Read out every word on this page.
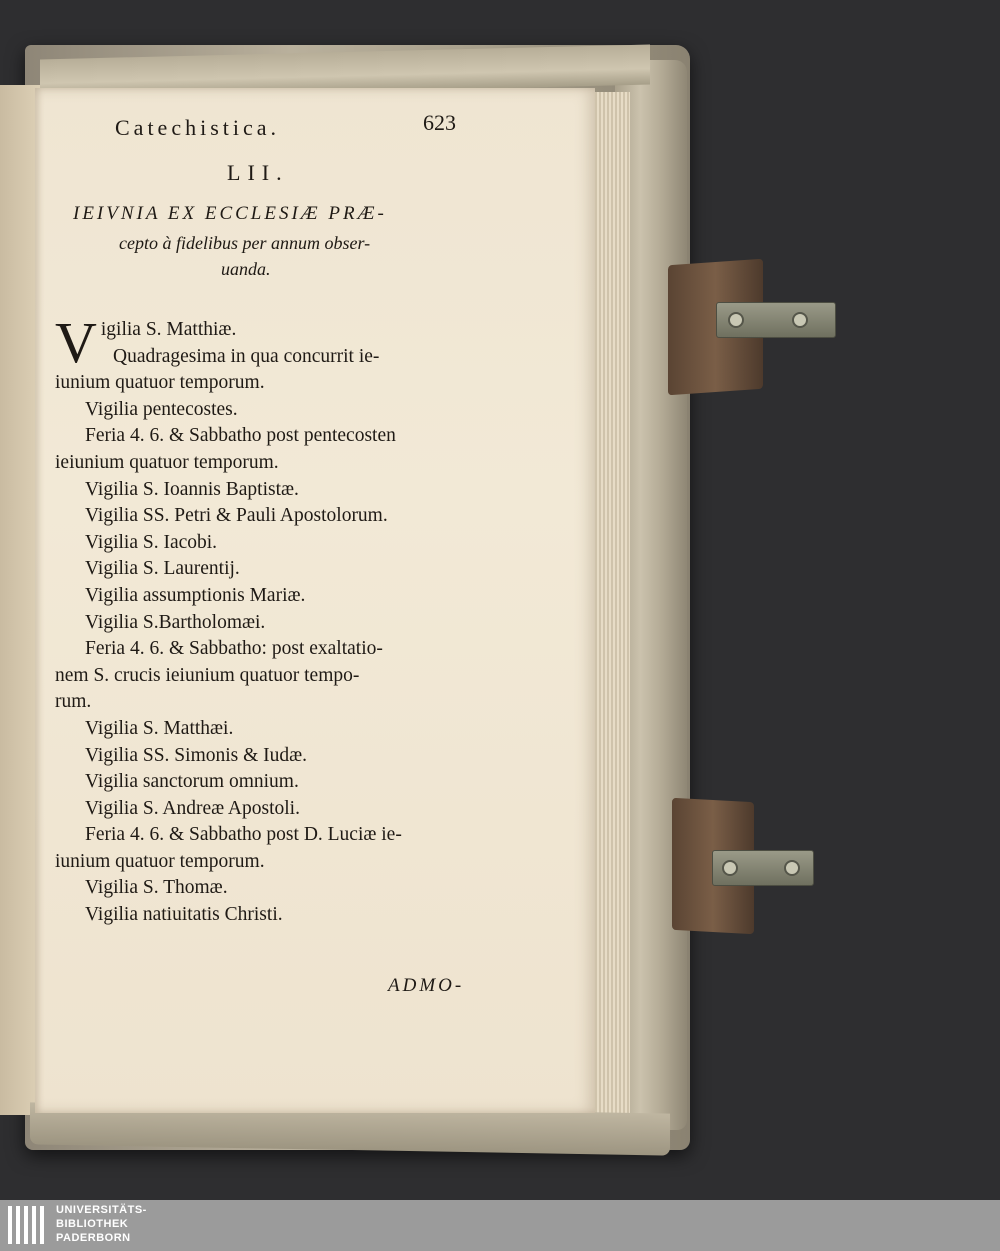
Catechistica.	623
LII.
IEIVNIA EX ECCLESIÆ PRÆ-
cepto à fidelibus per annum obser-
uanda.
Vigilia S. Matthiæ.
Quadragesima in qua concurrit ie-
iunium quatuor temporum.
Vigilia pentecostes.
Feria 4. 6. & Sabbatho post pentecosten
ieiunium quatuor temporum.
Vigilia S. Ioannis Baptistæ.
Vigilia SS. Petri & Pauli Apostolorum.
Vigilia S. Iacobi.
Vigilia S. Laurentij.
Vigilia assumptionis Mariæ.
Vigilia S.Bartholomæi.
Feria 4. 6. & Sabbatho: post exaltatio-
nem S. crucis ieiunium quatuor tempo-
rum.
Vigilia S. Matthæi.
Vigilia SS. Simonis & Iudæ.
Vigilia sanctorum omnium.
Vigilia S. Andreæ Apostoli.
Feria 4. 6. & Sabbatho post D. Luciæ ie-
iunium quatuor temporum.
Vigilia S. Thomæ.
Vigilia natiuitatis Christi.
ADMO-
UNIVERSITÄTS-
BIBLIOTHEK
PADERBORN
